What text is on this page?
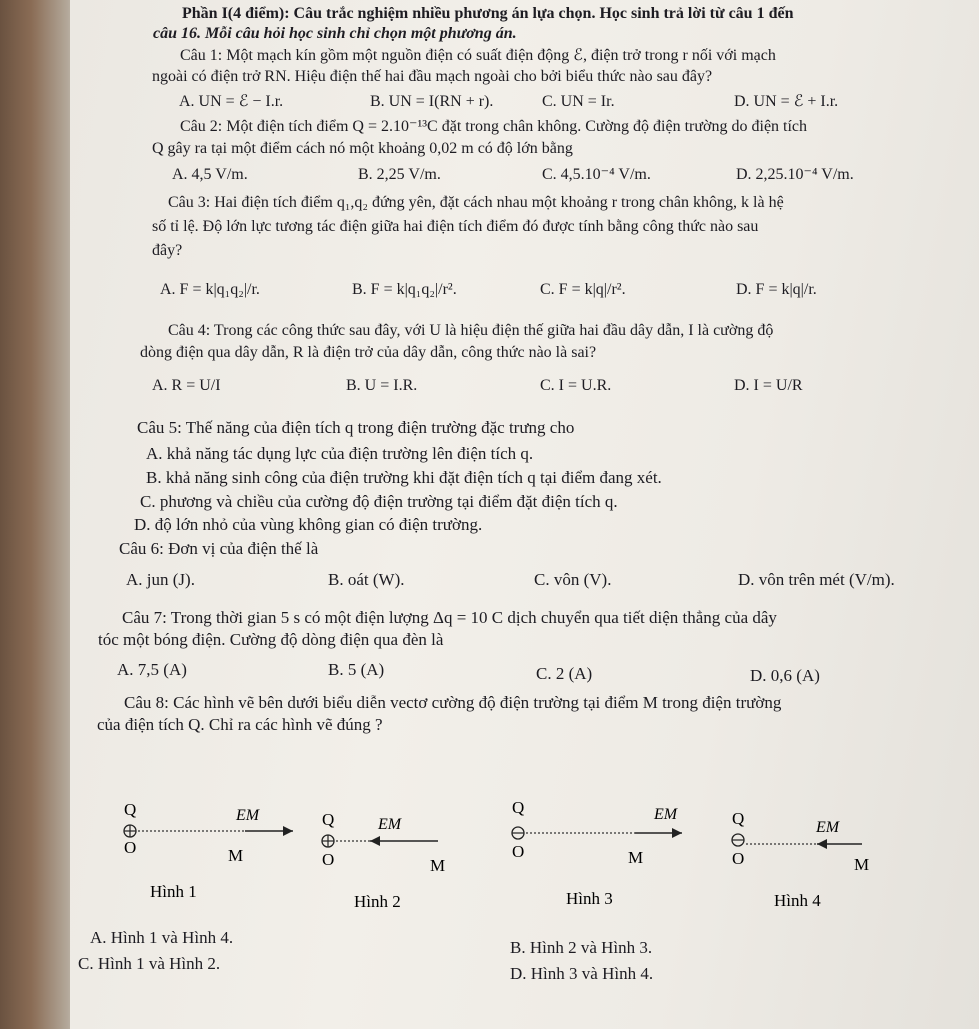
Phần I(4 điểm): Câu trắc nghiệm nhiều phương án lựa chọn. Học sinh trả lời từ câu 1 đến
câu 16. Mỗi câu hỏi học sinh chỉ chọn một phương án.
Câu 1: Một mạch kín gồm một nguồn điện có suất điện động ℰ, điện trở trong r nối với mạch
ngoài có điện trở RN. Hiệu điện thế hai đầu mạch ngoài cho bởi biểu thức nào sau đây?
A. UN = ℰ − I.r.	B. UN = I(RN + r).	C. UN = Ir.	D. UN = ℰ + I.r.
Câu 2: Một điện tích điểm Q = 2.10⁻¹³C đặt trong chân không. Cường độ điện trường do điện tích
Q gây ra tại một điểm cách nó một khoảng 0,02 m có độ lớn bằng
A. 4,5 V/m.	B. 2,25 V/m.	C. 4,5.10⁻⁴ V/m.	D. 2,25.10⁻⁴ V/m.
Câu 3: Hai điện tích điểm q₁,q₂ đứng yên, đặt cách nhau một khoảng r trong chân không, k là hệ
số tỉ lệ. Độ lớn lực tương tác điện giữa hai điện tích điểm đó được tính bằng công thức nào sau
đây?
A. F = k|q₁q₂|/r.	B. F = k|q₁q₂|/r².	C. F = k|q|/r².	D. F = k|q|/r.
Câu 4: Trong các công thức sau đây, với U là hiệu điện thế giữa hai đầu dây dẫn, I là cường độ
dòng điện qua dây dẫn, R là điện trở của dây dẫn, công thức nào là sai?
A. R = U/I	B. U = I.R.	C. I = U.R.	D. I = U/R
Câu 5: Thế năng của điện tích q trong điện trường đặc trưng cho
A. khả năng tác dụng lực của điện trường lên điện tích q.
B. khả năng sinh công của điện trường khi đặt điện tích q tại điểm đang xét.
C. phương và chiều của cường độ điện trường tại điểm đặt điện tích q.
D. độ lớn nhỏ của vùng không gian có điện trường.
Câu 6: Đơn vị của điện thế là
A. jun (J).	B. oát (W).	C. vôn (V).	D. vôn trên mét (V/m).
Câu 7: Trong thời gian 5 s có một điện lượng Δq = 10 C dịch chuyển qua tiết diện thẳng của dây
tóc một bóng điện. Cường độ dòng điện qua đèn là
A. 7,5 (A)	B. 5 (A)	C. 2 (A)	D. 0,6 (A)
Câu 8: Các hình vẽ bên dưới biểu diễn vectơ cường độ điện trường tại điểm M trong điện trường
của điện tích Q. Chỉ ra các hình vẽ đúng ?
Q	EM
O	M
Hình 1
Q	EM
O	M
Hình 2
Q	EM
O	M
Hình 3
Q	EM
O	M
Hình 4
A. Hình 1 và Hình 4.
B. Hình 2 và Hình 3.
C. Hình 1 và Hình 2.
D. Hình 3 và Hình 4.
